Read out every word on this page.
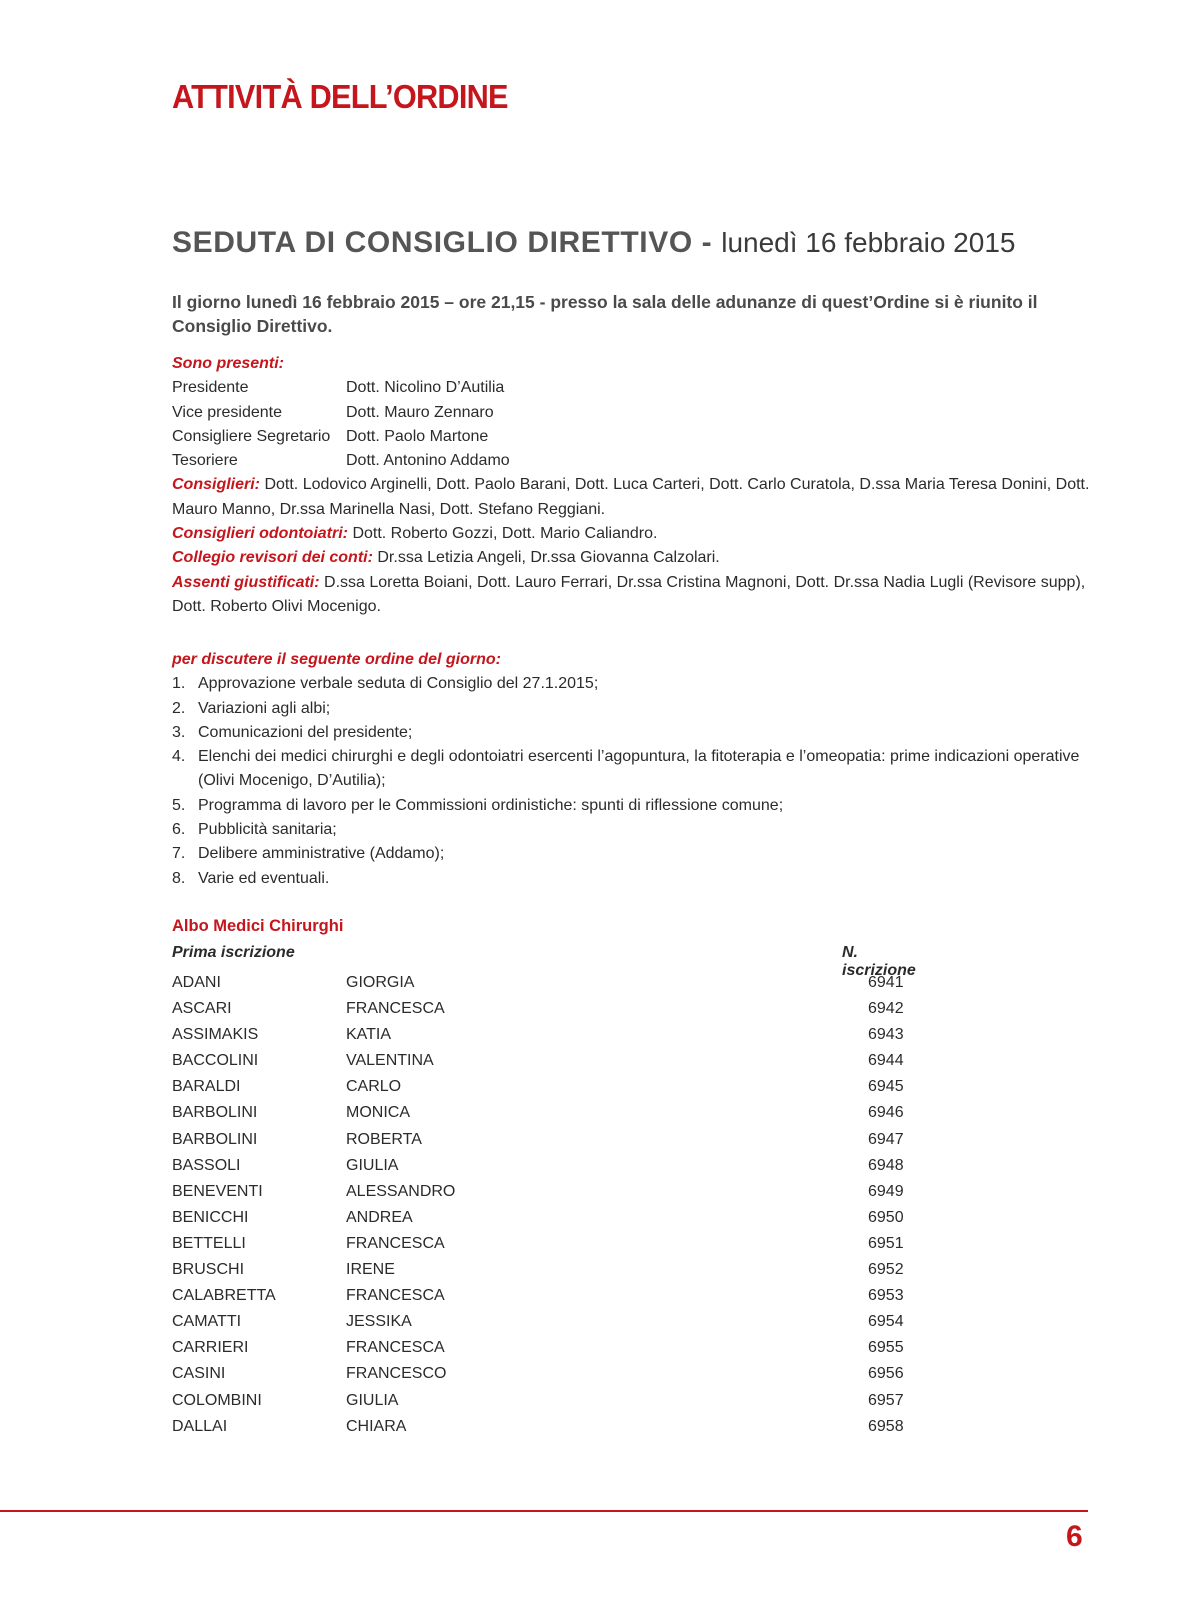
ATTIVITÀ DELL’ORDINE
SEDUTA DI CONSIGLIO DIRETTIVO - lunedì 16 febbraio 2015

Il giorno lunedì 16 febbraio 2015 – ore 21,15 - presso la sala delle adunanze di quest’Ordine si è riunito il Consiglio Direttivo.

Sono presenti:
Presidente	Dott. Nicolino D’Autilia
Vice presidente	Dott. Mauro Zennaro
Consigliere Segretario Dott. Paolo Martone
Tesoriere	Dott. Antonino Addamo
Consiglieri: Dott. Lodovico Arginelli, Dott. Paolo Barani, Dott. Luca Carteri, Dott. Carlo Curatola, D.ssa Maria Teresa Donini, Dott. Mauro Manno, Dr.ssa Marinella Nasi, Dott. Stefano Reggiani.
Consiglieri odontoiatri: Dott. Roberto Gozzi, Dott. Mario Caliandro.
Collegio revisori dei conti: Dr.ssa Letizia Angeli, Dr.ssa Giovanna Calzolari.
Assenti giustificati: D.ssa Loretta Boiani, Dott. Lauro Ferrari, Dr.ssa Cristina Magnoni, Dott. Dr.ssa Nadia Lugli (Revisore supp), Dott. Roberto Olivi Mocenigo.
per discutere il seguente ordine del giorno:
1. Approvazione verbale seduta di Consiglio del 27.1.2015;
2. Variazioni agli albi;
3. Comunicazioni del presidente;
4. Elenchi dei medici chirurghi e degli odontoiatri esercenti l’agopuntura, la fitoterapia e l’omeopatia: prime indicazioni operative (Olivi Mocenigo, D’Autilia);
5. Programma di lavoro per le Commissioni ordinistiche: spunti di riflessione comune;
6. Pubblicità sanitaria;
7. Delibere amministrative (Addamo);
8. Varie ed eventuali.
Albo Medici Chirurghi
Prima iscrizione	N. iscrizione
ADANI	GIORGIA	6941
ASCARI	FRANCESCA	6942
ASSIMAKIS	KATIA	6943
BACCOLINI	VALENTINA	6944
BARALDI	CARLO	6945
BARBOLINI	MONICA	6946
BARBOLINI	ROBERTA	6947
BASSOLI	GIULIA	6948
BENEVENTI	ALESSANDRO	6949
BENICCHI	ANDREA	6950
BETTELLI	FRANCESCA	6951
BRUSCHI	IRENE	6952
CALABRETTA	FRANCESCA	6953
CAMATTI	JESSIKA	6954
CARRIERI	FRANCESCA	6955
CASINI	FRANCESCO	6956
COLOMBINI	GIULIA	6957
DALLAI	CHIARA	6958
6
